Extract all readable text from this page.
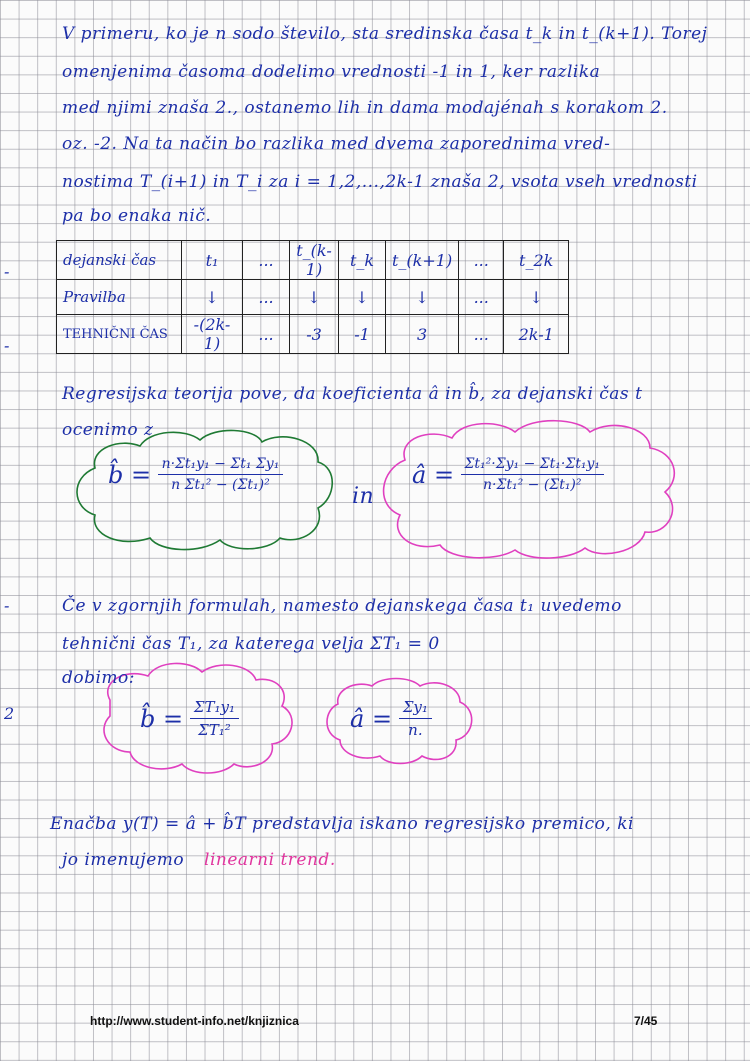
V primeru, ko je n sodo število, sta sredinska časa t_k in t_(k+1). Torej
omenjenima časoma dodelimo vrednosti -1 in 1, ker razlika
med njimi znaša 2., ostanemo lih in dama modajénah s korakom 2.
oz. -2. Na ta način bo razlika med dvema zaporednima vred-
nostima T_(i+1) in T_i za i = 1,2,...,2k-1 znaša 2, vsota vseh vrednosti
pa bo enaka nič.
-
-
-
2
dejanski čas	t₁	...	t_(k-1)	t_k	t_(k+1)	...	t_2k
Pravilba	↓	...	↓	↓	↓	...	↓
TEHNIČNI ČAS	-(2k-1)	...	-3	-1	3	...	2k-1
Regresijska teorija pove, da koeficienta â in b̂, za dejanski čas t
ocenimo z
b̂ = $\frac{\text{n·Σt₁y₁ − Σt₁ Σy₁}}{\text{n Σt₁² − (Σt₁)²}}$
in
â = $\frac{\text{Σt₁²·Σy₁ − Σt₁·Σt₁y₁}}{\text{n·Σt₁² − (Σt₁)²}}$
Če v zgornjih formulah, namesto dejanskega časa t₁ uvedemo
tehnični čas T₁, za katerega velja ΣT₁ = 0
dobimo:
b̂ = $\frac{\text{ΣT₁y₁}}{\text{ΣT₁²}}$	â = $\frac{\text{Σy₁}}{n.}$
Enačba y(T) = â + b̂T predstavlja iskano regresijsko premico, ki
jo imenujemo linearni trend.
http://www.student-info.net/knjiznica	7/45
